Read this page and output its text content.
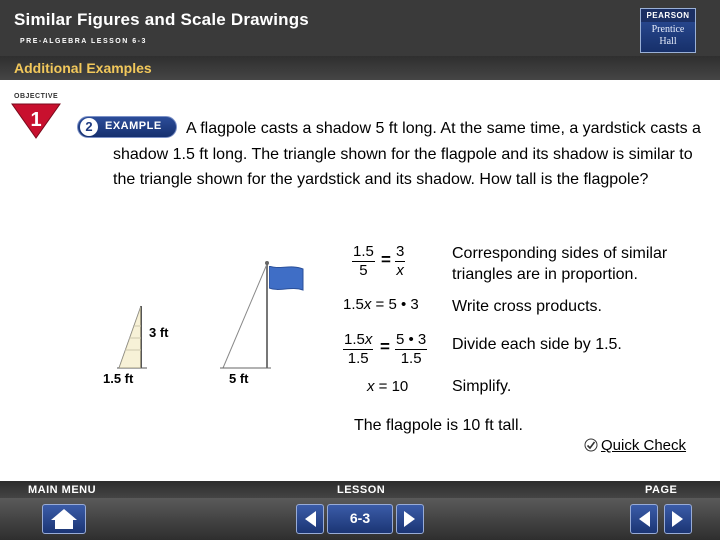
Similar Figures and Scale Drawings
PRE-ALGEBRA LESSON 6-3
PEARSON
Prentice
Hall
Additional Examples
OBJECTIVE
1	2	EXAMPLE	A flagpole casts a shadow 5 ft long. At the same time, a yardstick casts a shadow 1.5 ft long. The triangle shown for the flagpole and its shadow is similar to the triangle shown for the yardstick and its shadow. How tall is the flagpole?
3 ft
1.5 ft	5 ft
$\frac{1.5}{5} = \frac{3}{x}$	Corresponding sides of similar triangles are in proportion.
1.5x = 5 • 3 Write cross products.
$\frac{1.5x}{1.5} = \frac{5 • 3}{1.5}$ Divide each side by 1.5.
x = 10	Simplify.
The flagpole is 10 ft tall.
Quick Check
MAIN MENU	LESSON	PAGE
6-3
